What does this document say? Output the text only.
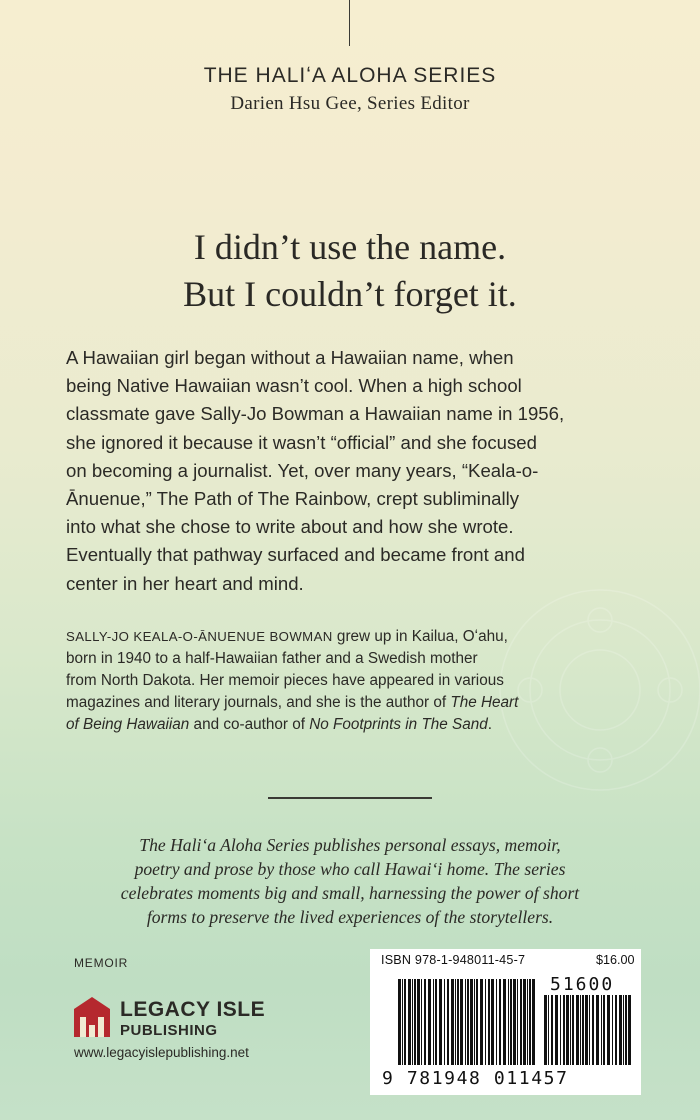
THE HALIʻA ALOHA SERIES
Darien Hsu Gee, Series Editor
I didn’t use the name.
But I couldn’t forget it.
A Hawaiian girl began without a Hawaiian name, when
being Native Hawaiian wasn’t cool. When a high school
classmate gave Sally-Jo Bowman a Hawaiian name in 1956,
she ignored it because it wasn’t “official” and she focused
on becoming a journalist. Yet, over many years, “Keala-o-
Ānuenue,” The Path of The Rainbow, crept subliminally
into what she chose to write about and how she wrote.
Eventually that pathway surfaced and became front and
center in her heart and mind.
SALLY-JO KEALA-O-ĀNUENUE BOWMAN grew up in Kailua, Oʻahu,
born in 1940 to a half-Hawaiian father and a Swedish mother
from North Dakota. Her memoir pieces have appeared in various
magazines and literary journals, and she is the author of The Heart
of Being Hawaiian and co-author of No Footprints in The Sand.
The Haliʻa Aloha Series publishes personal essays, memoir,
poetry and prose by those who call Hawaiʻi home. The series
celebrates moments big and small, harnessing the power of short
forms to preserve the lived experiences of the storytellers.
MEMOIR
LEGACY ISLE
PUBLISHING
www.legacyislepublishing.net
ISBN 978-1-948011-45-7	$16.00
51600
9 781948 011457
